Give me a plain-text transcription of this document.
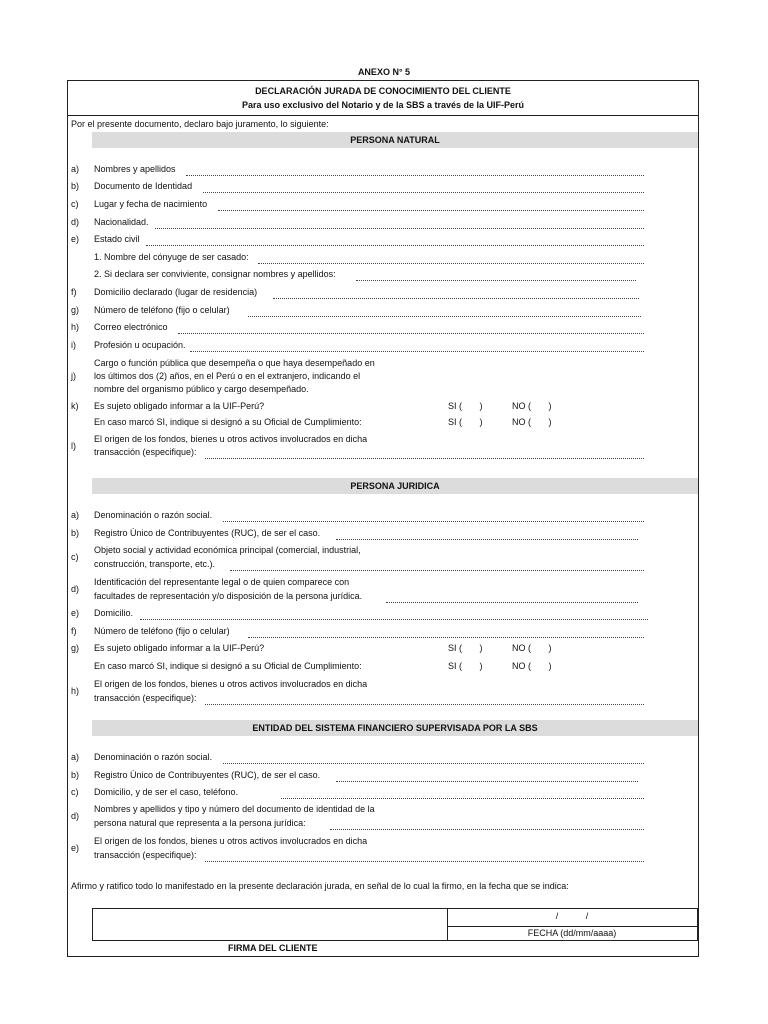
ANEXO N° 5
DECLARACIÓN JURADA DE CONOCIMIENTO DEL CLIENTE
Para uso exclusivo del Notario y de la SBS a través de la UIF-Perú
Por el presente documento, declaro bajo juramento, lo siguiente:
PERSONA NATURAL
a) Nombres y apellidos
b) Documento de Identidad
c) Lugar y fecha de nacimiento
d) Nacionalidad.
e) Estado civil
1. Nombre del cónyuge de ser casado:
2. Si declara ser conviviente, consignar nombres y apellidos:
f) Domicilio declarado (lugar de residencia)
g) Número de teléfono (fijo o celular)
h) Correo electrónico
i) Profesión u ocupación.
Cargo o función pública que desempeña o que haya desempeñado en
j) los últimos dos (2) años, en el Perú o en el extranjero, indicando el
nombre del organismo público y cargo desempeñado.
k) Es sujeto obligado informar a la UIF-Perú?	SI (       )	NO (       )
En caso marcó SI, indique si designó a su Oficial de Cumplimiento:	SI (       )	NO (       )
El origen de los fondos, bienes u otros activos involucrados en dicha
l)
transacción (especifique):
PERSONA JURIDICA
a) Denominación o razón social.
b) Registro Único de Contribuyentes (RUC), de ser el caso.
Objeto social y actividad económica principal (comercial, industrial,
c)
construcción, transporte, etc.).
Identificación del representante legal o de quien comparece con
d)
facultades de representación y/o disposición de la persona jurídica.
e) Domicilio.
f) Número de teléfono (fijo o celular)
g) Es sujeto obligado informar a la UIF-Perú?	SI (       )	NO (       )
En caso marcó SI, indique si designó a su Oficial de Cumplimiento:	SI (       )	NO (       )
El origen de los fondos, bienes u otros activos involucrados en dicha
h)
transacción (especifique):
ENTIDAD DEL SISTEMA FINANCIERO SUPERVISADA POR LA SBS
a) Denominación o razón social.
b) Registro Único de Contribuyentes (RUC), de ser el caso.
c) Domicilio, y de ser el caso, teléfono.
Nombres y apellidos y tipo y número del documento de identidad de la
d)
persona natural que representa a la persona jurídica:
El origen de los fondos, bienes u otros activos involucrados en dicha
e)
transacción (especifique):
Afirmo y ratifico todo lo manifestado en la presente declaración jurada, en señal de lo cual la firmo, en la fecha que se indica:
/           /
FECHA (dd/mm/aaaa)
FIRMA DEL CLIENTE
